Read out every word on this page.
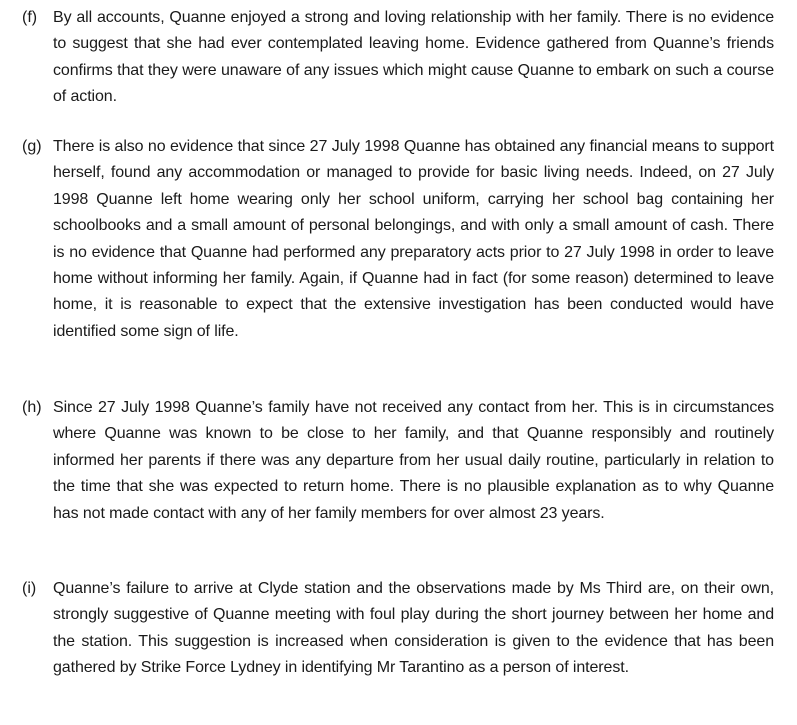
(f) By all accounts, Quanne enjoyed a strong and loving relationship with her family. There is no evidence to suggest that she had ever contemplated leaving home. Evidence gathered from Quanne’s friends confirms that they were unaware of any issues which might cause Quanne to embark on such a course of action.
(g) There is also no evidence that since 27 July 1998 Quanne has obtained any financial means to support herself, found any accommodation or managed to provide for basic living needs. Indeed, on 27 July 1998 Quanne left home wearing only her school uniform, carrying her school bag containing her schoolbooks and a small amount of personal belongings, and with only a small amount of cash. There is no evidence that Quanne had performed any preparatory acts prior to 27 July 1998 in order to leave home without informing her family. Again, if Quanne had in fact (for some reason) determined to leave home, it is reasonable to expect that the extensive investigation has been conducted would have identified some sign of life.
(h) Since 27 July 1998 Quanne’s family have not received any contact from her. This is in circumstances where Quanne was known to be close to her family, and that Quanne responsibly and routinely informed her parents if there was any departure from her usual daily routine, particularly in relation to the time that she was expected to return home. There is no plausible explanation as to why Quanne has not made contact with any of her family members for over almost 23 years.
(i)	Quanne’s failure to arrive at Clyde station and the observations made by Ms Third are, on their own, strongly suggestive of Quanne meeting with foul play during the short journey between her home and the station. This suggestion is increased when consideration is given to the evidence that has been gathered by Strike Force Lydney in identifying Mr Tarantino as a person of interest.
